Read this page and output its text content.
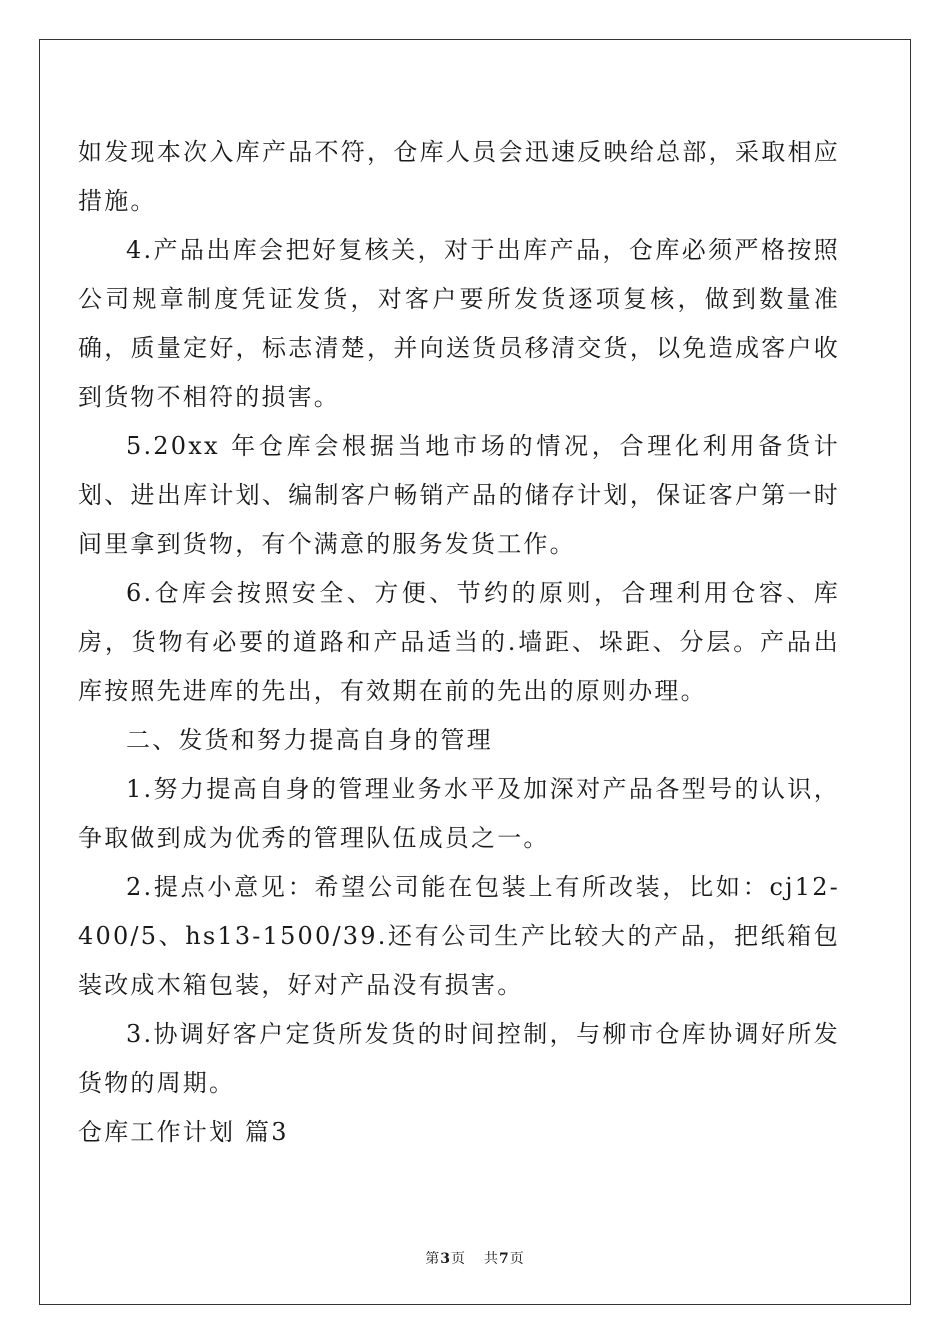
如发现本次入库产品不符，仓库人员会迅速反映给总部，采取相应措施。

4.产品出库会把好复核关，对于出库产品，仓库必须严格按照公司规章制度凭证发货，对客户要所发货逐项复核，做到数量准确，质量定好，标志清楚，并向送货员移清交货，以免造成客户收到货物不相符的损害。

5.20xx 年仓库会根据当地市场的情况，合理化利用备货计划、进出库计划、编制客户畅销产品的储存计划，保证客户第一时间里拿到货物，有个满意的服务发货工作。

6.仓库会按照安全、方便、节约的原则，合理利用仓容、库房，货物有必要的道路和产品适当的.墙距、垛距、分层。产品出库按照先进库的先出，有效期在前的先出的原则办理。

二、发货和努力提高自身的管理

1.努力提高自身的管理业务水平及加深对产品各型号的认识，争取做到成为优秀的管理队伍成员之一。

2.提点小意见：希望公司能在包装上有所改装，比如：cj12-400/5、hs13-1500/39.还有公司生产比较大的产品，把纸箱包装改成木箱包装，好对产品没有损害。

3.协调好客户定货所发货的时间控制，与柳市仓库协调好所发货物的周期。

仓库工作计划 篇3

第3页 共7页
